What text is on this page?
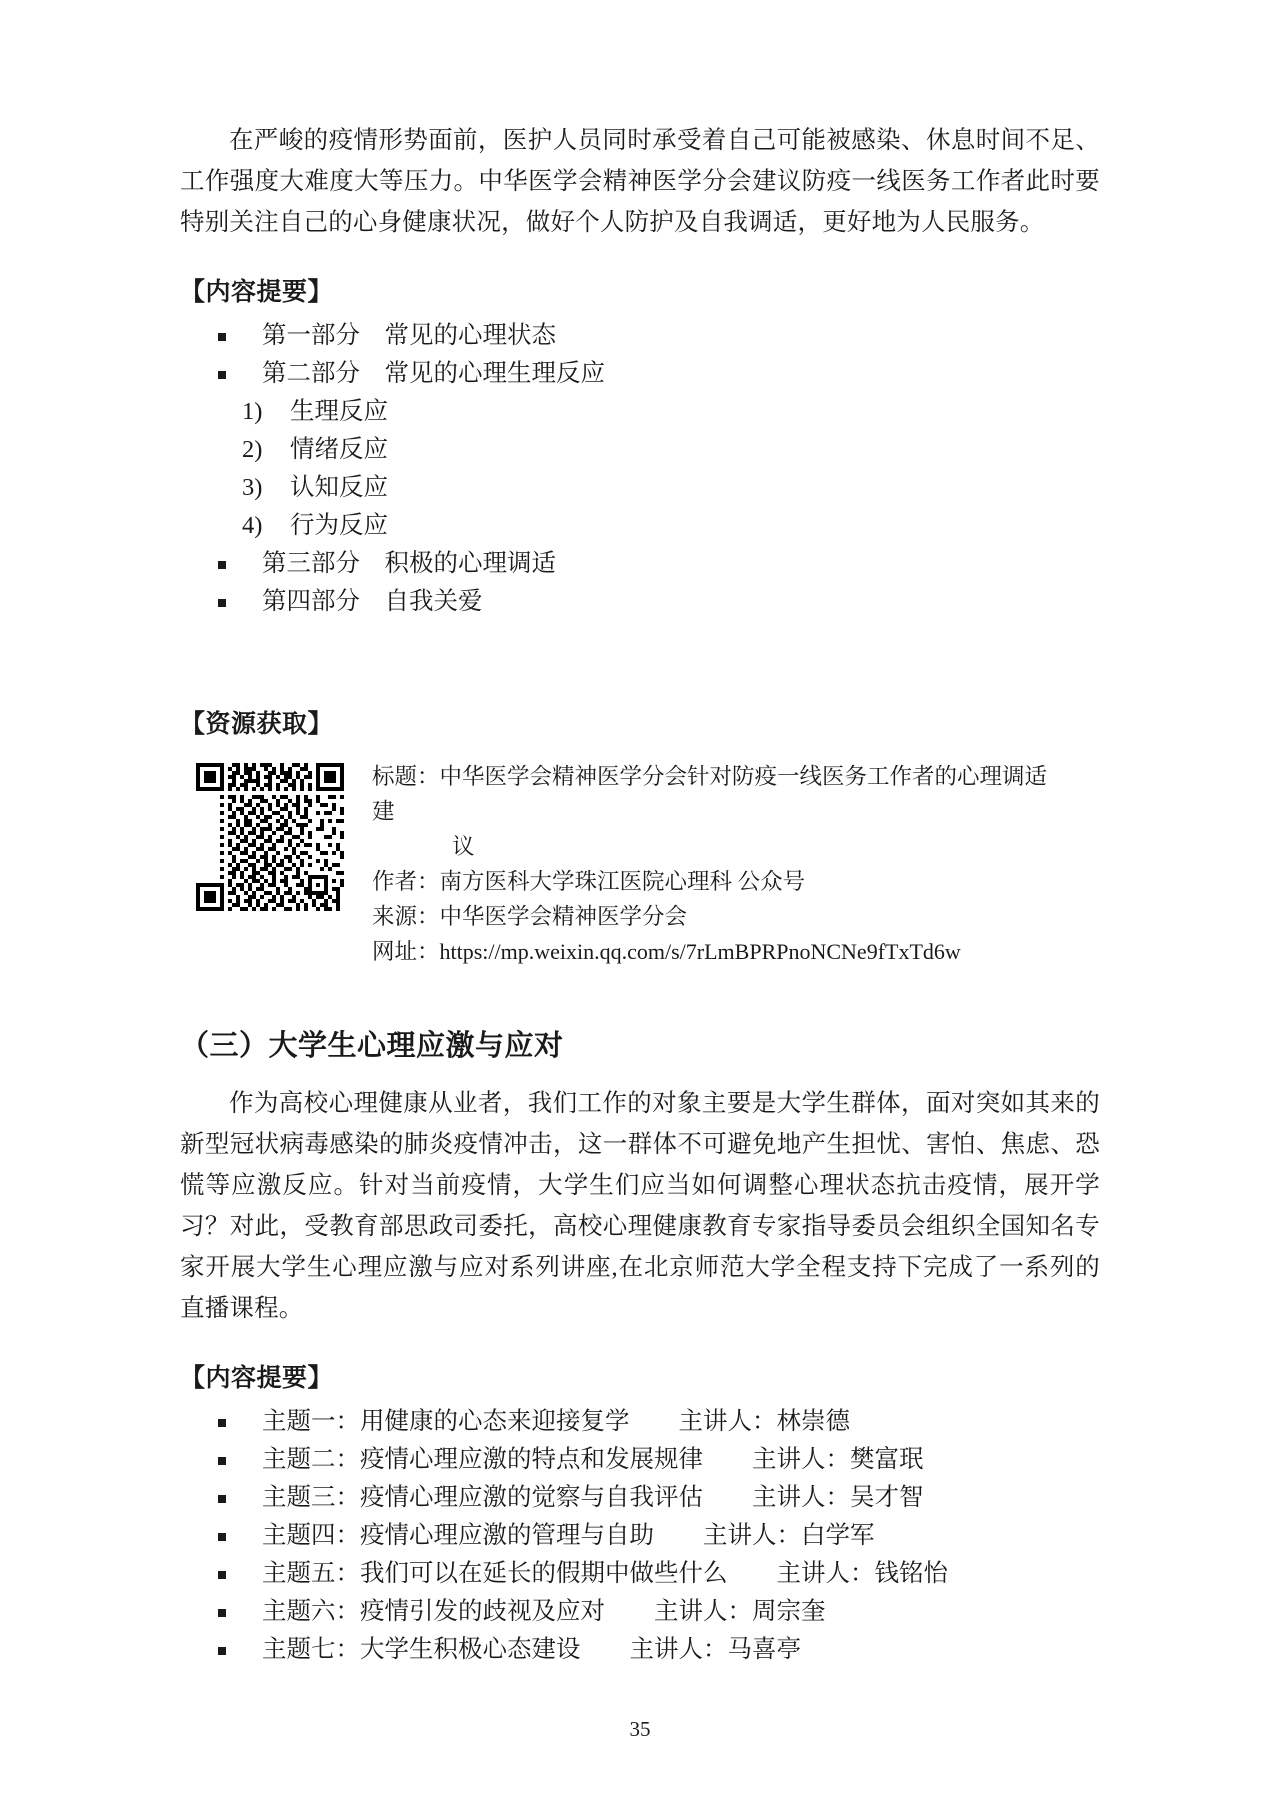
在严峻的疫情形势面前，医护人员同时承受着自己可能被感染、休息时间不足、工作强度大难度大等压力。中华医学会精神医学分会建议防疫一线医务工作者此时要特别关注自己的心身健康状况，做好个人防护及自我调适，更好地为人民服务。

【内容提要】
第一部分　常见的心理状态
第二部分　常见的心理生理反应
1) 生理反应
2) 情绪反应
3) 认知反应
4) 行为反应
第三部分　积极的心理调适
第四部分　自我关爱
【资源获取】
标题：中华医学会精神医学分会针对防疫一线医务工作者的心理调适建
议
作者：南方医科大学珠江医院心理科 公众号
来源：中华医学会精神医学分会
网址：https://mp.weixin.qq.com/s/7rLmBPRPnoNCNe9fTxTd6w
（三）大学生心理应激与应对

作为高校心理健康从业者，我们工作的对象主要是大学生群体，面对突如其来的新型冠状病毒感染的肺炎疫情冲击，这一群体不可避免地产生担忧、害怕、焦虑、恐慌等应激反应。针对当前疫情，大学生们应当如何调整心理状态抗击疫情，展开学习？对此，受教育部思政司委托，高校心理健康教育专家指导委员会组织全国知名专家开展大学生心理应激与应对系列讲座,在北京师范大学全程支持下完成了一系列的直播课程。

【内容提要】
主题一：用健康的心态来迎接复学　　主讲人：林崇德
主题二：疫情心理应激的特点和发展规律　　主讲人：樊富珉
主题三：疫情心理应激的觉察与自我评估　　主讲人：吴才智
主题四：疫情心理应激的管理与自助　　主讲人：白学军
主题五：我们可以在延长的假期中做些什么　　主讲人：钱铭怡
主题六：疫情引发的歧视及应对　　主讲人：周宗奎
主题七：大学生积极心态建设　　主讲人：马喜亭
35
